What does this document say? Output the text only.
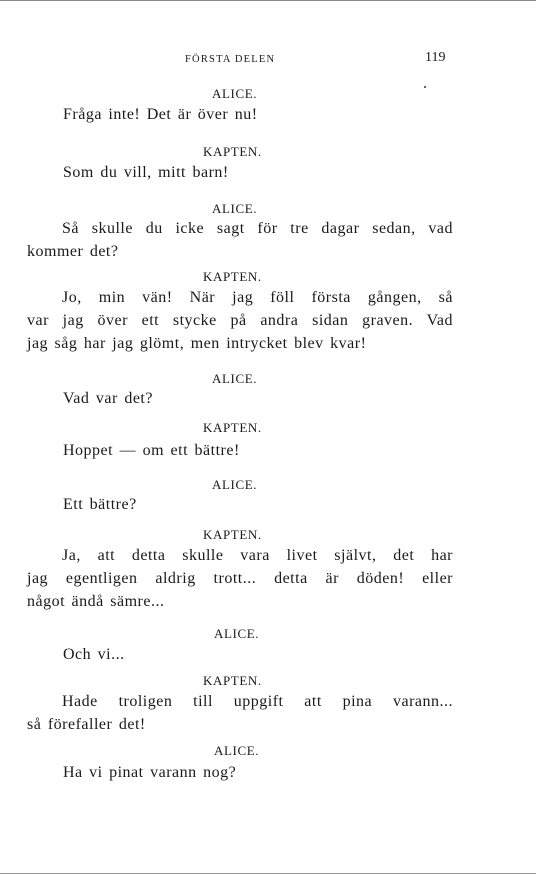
FÖRSTA DELEN	119
ALICE.
Fråga inte! Det är över nu!
KAPTEN.
Som du vill, mitt barn!
ALICE.
Så skulle du icke sagt för tre dagar sedan, vad
kommer det?
KAPTEN.
Jo, min vän! När jag föll första gången, så
var jag över ett stycke på andra sidan graven. Vad
jag såg har jag glömt, men intrycket blev kvar!
ALICE.
Vad var det?
KAPTEN.
Hoppet — om ett bättre!
ALICE.
Ett bättre?
KAPTEN.
Ja, att detta skulle vara livet självt, det har
jag egentligen aldrig trott... detta är döden! eller
något ändå sämre...
ALICE.
Och vi...
KAPTEN.
Hade troligen till uppgift att pina varann...
så förefaller det!
ALICE.
Ha vi pinat varann nog?
